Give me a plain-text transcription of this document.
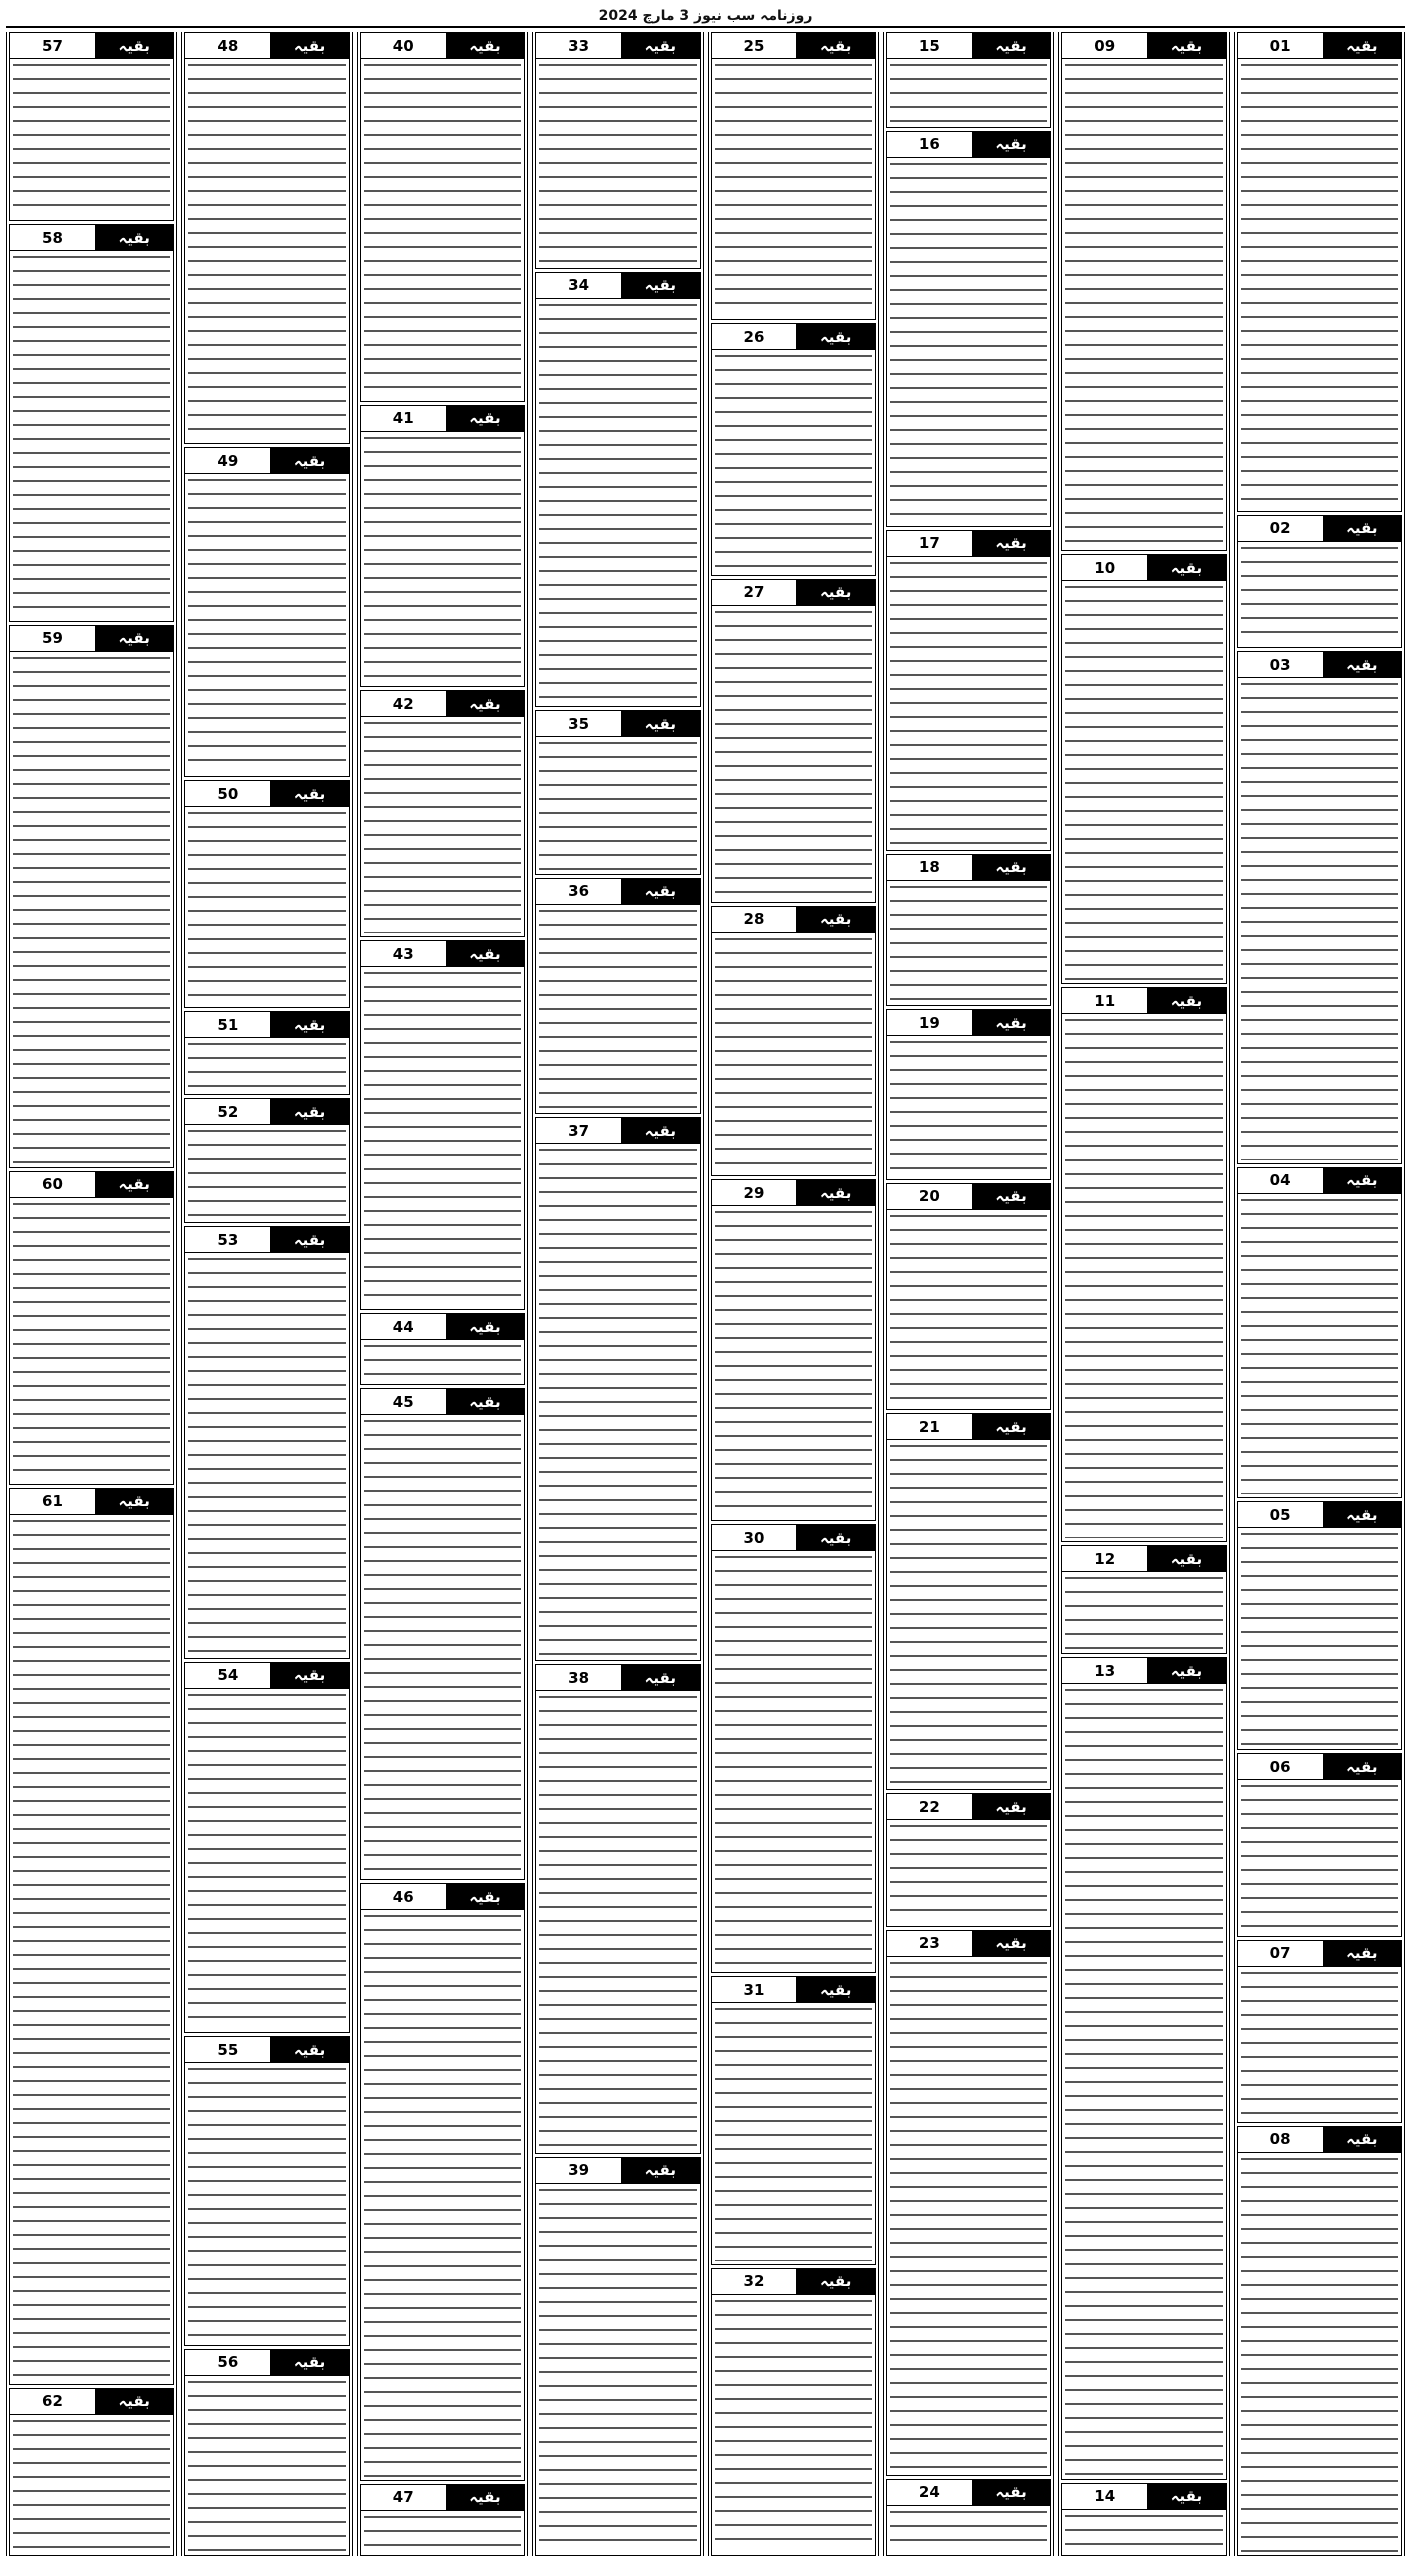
روزنامہ سب نیوز 3 مارچ 2024
بقیہ
01
بقیہ
02
بقیہ
03
بقیہ
04
بقیہ
05
بقیہ
06
بقیہ
07
بقیہ
08
بقیہ
09
بقیہ
10
بقیہ
11
بقیہ
12
بقیہ
13
بقیہ
14
بقیہ
15
بقیہ
16
بقیہ
17
بقیہ
18
بقیہ
19
بقیہ
20
بقیہ
21
بقیہ
22
بقیہ
23
بقیہ
24
بقیہ
25
بقیہ
26
بقیہ
27
بقیہ
28
بقیہ
29
بقیہ
30
بقیہ
31
بقیہ
32
بقیہ
33
بقیہ
34
بقیہ
35
بقیہ
36
بقیہ
37
بقیہ
38
بقیہ
39
بقیہ
40
بقیہ
41
بقیہ
42
بقیہ
43
بقیہ
44
بقیہ
45
بقیہ
46
بقیہ
47
بقیہ
48
بقیہ
49
بقیہ
50
بقیہ
51
بقیہ
52
بقیہ
53
بقیہ
54
بقیہ
55
بقیہ
56
بقیہ
57
بقیہ
58
بقیہ
59
بقیہ
60
بقیہ
61
بقیہ
62
